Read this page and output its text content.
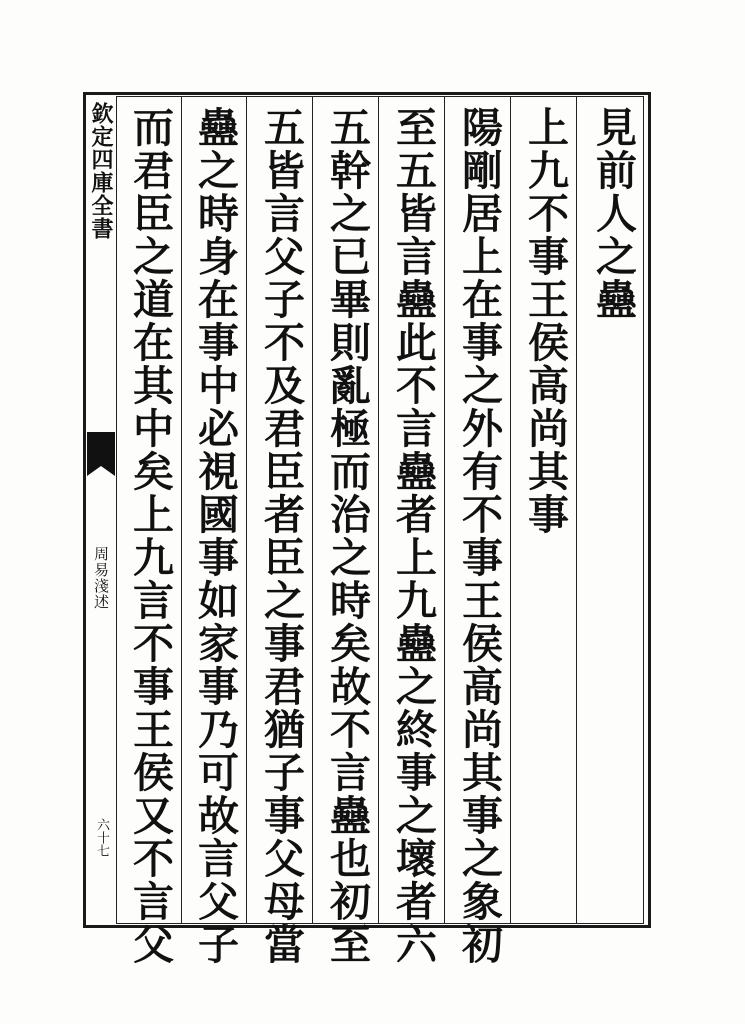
欽定四庫全書
周易淺述
六十七
見前人之蠱
上九不事王侯高尚其事
陽剛居上在事之外有不事王侯高尚其事之象初
至五皆言蠱此不言蠱者上九蠱之終事之壞者六
五幹之已畢則亂極而治之時矣故不言蠱也初至
五皆言父子不及君臣者臣之事君猶子事父母當
蠱之時身在事中必視國事如家事乃可故言父子
而君臣之道在其中矣上九言不事王侯又不言父
